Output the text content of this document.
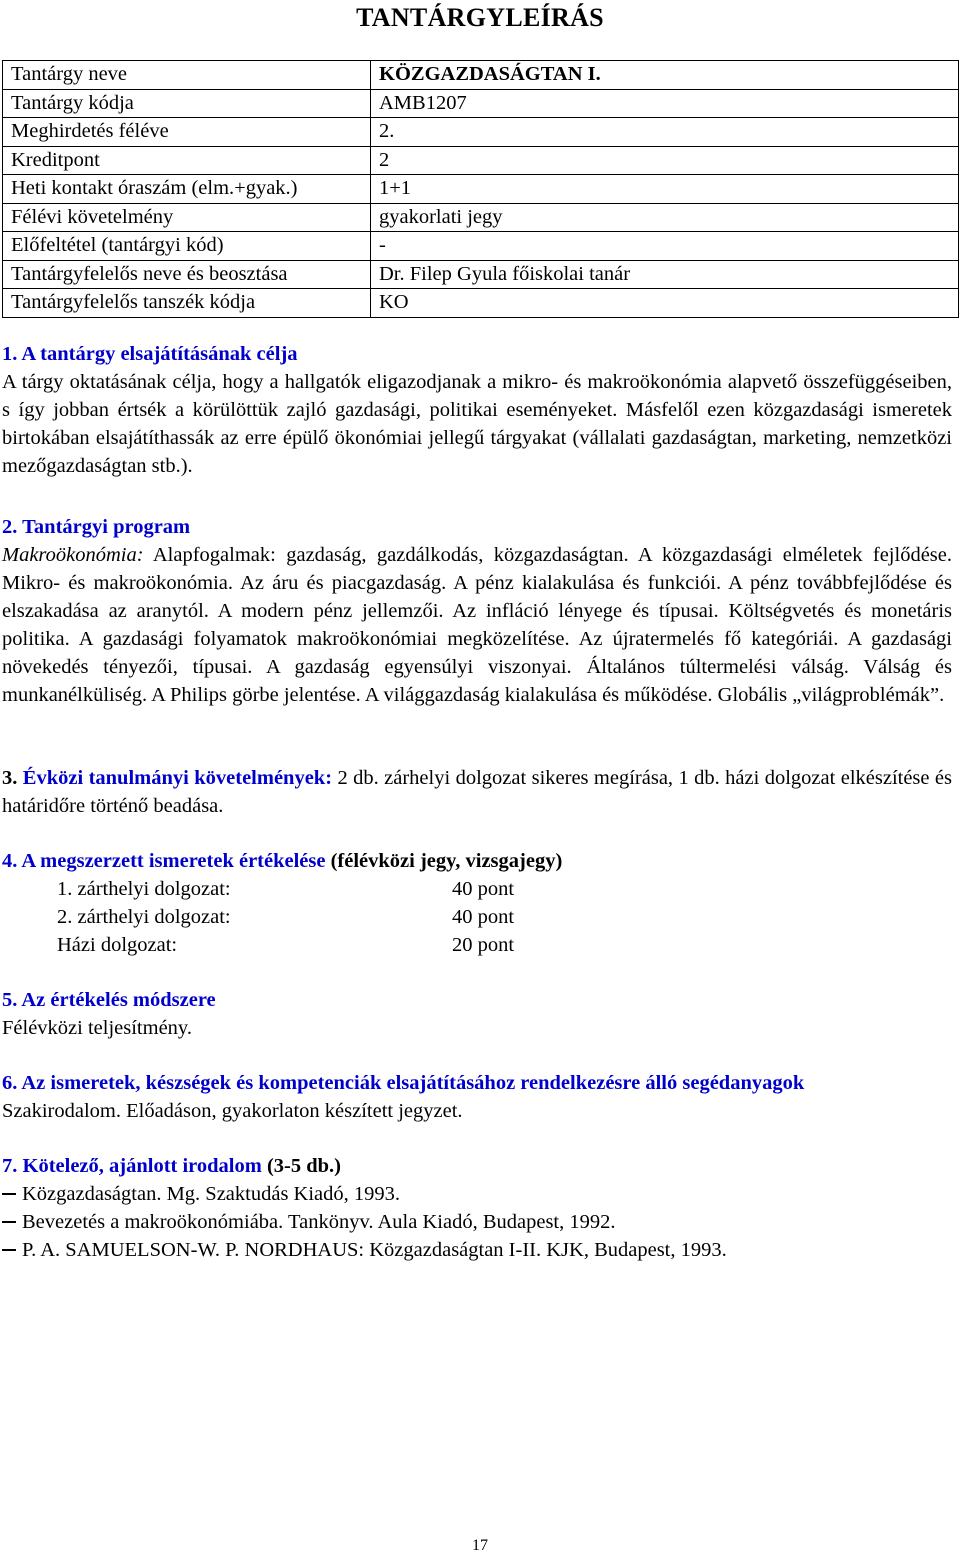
TANTÁRGYLEÍRÁS
Tantárgy neve	KÖZGAZDASÁGTAN I.
Tantárgy kódja	AMB1207
Meghirdetés féléve	2.
Kreditpont	2
Heti kontakt óraszám (elm.+gyak.)	1+1
Félévi követelmény	gyakorlati jegy
Előfeltétel (tantárgyi kód)	-
Tantárgyfelelős neve és beosztása	Dr. Filep Gyula főiskolai tanár
Tantárgyfelelős tanszék kódja	KO
1. A tantárgy elsajátításának célja
A tárgy oktatásának célja, hogy a hallgatók eligazodjanak a mikro- és makroökonómia alapvető összefüggéseiben, s így jobban értsék a körülöttük zajló gazdasági, politikai eseményeket. Másfelől ezen közgazdasági ismeretek birtokában elsajátíthassák az erre épülő ökonómiai jellegű tárgyakat (vállalati gazdaságtan, marketing, nemzetközi mezőgazdaságtan stb.).
2. Tantárgyi program
Makroökonómia: Alapfogalmak: gazdaság, gazdálkodás, közgazdaságtan. A közgazdasági elméletek fejlődése. Mikro- és makroökonómia. Az áru és piacgazdaság. A pénz kialakulása és funkciói. A pénz továbbfejlődése és elszakadása az aranytól. A modern pénz jellemzői. Az infláció lényege és típusai. Költségvetés és monetáris politika. A gazdasági folyamatok makroökonómiai megközelítése. Az újratermelés fő kategóriái. A gazdasági növekedés tényezői, típusai. A gazdaság egyensúlyi viszonyai. Általános túltermelési válság. Válság és munkanélküliség. A Philips görbe jelentése. A világgazdaság kialakulása és működése. Globális „világproblémák”.
3. Évközi tanulmányi követelmények: 2 db. zárhelyi dolgozat sikeres megírása, 1 db. házi dolgozat elkészítése és határidőre történő beadása.
4. A megszerzett ismeretek értékelése (félévközi jegy, vizsgajegy)
1. zárthelyi dolgozat:	40 pont
2. zárthelyi dolgozat:	40 pont
Házi dolgozat:	20 pont
5. Az értékelés módszere
Félévközi teljesítmény.
6. Az ismeretek, készségek és kompetenciák elsajátításához rendelkezésre álló segédanyagok
Szakirodalom. Előadáson, gyakorlaton készített jegyzet.
7. Kötelező, ajánlott irodalom (3-5 db.)
Közgazdaságtan. Mg. Szaktudás Kiadó, 1993.
Bevezetés a makroökonómiába. Tankönyv. Aula Kiadó, Budapest, 1992.
P. A. SAMUELSON-W. P. NORDHAUS: Közgazdaságtan I-II. KJK, Budapest, 1993.
17
